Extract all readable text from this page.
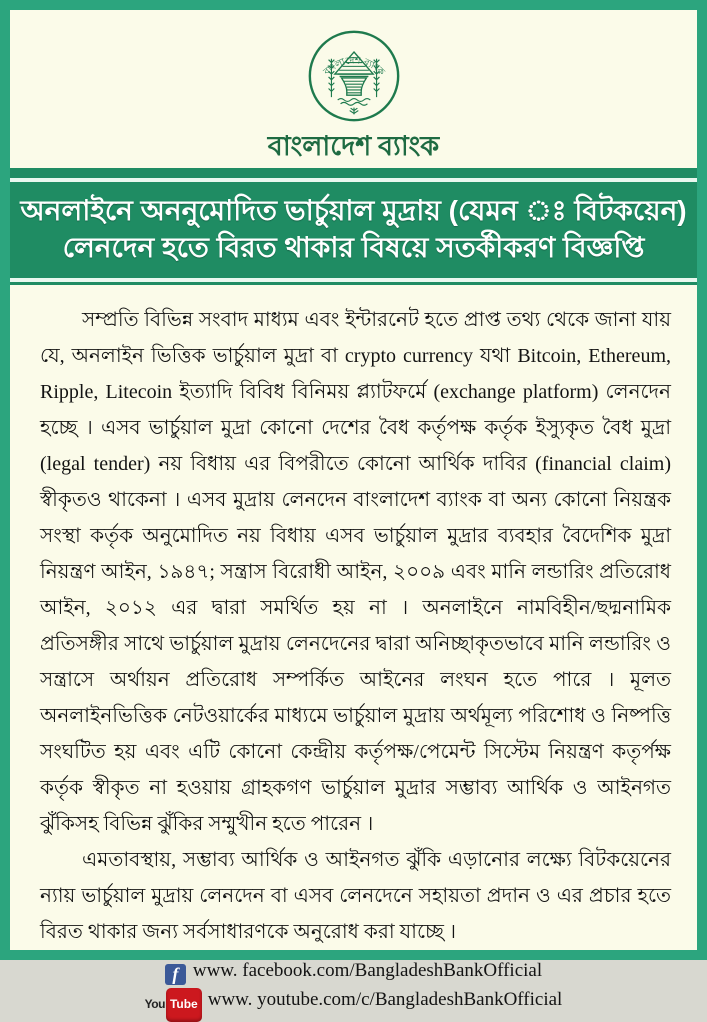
বাংলাদেশ ব্যাংক
বাংলাদেশ ব্যাংক
অনলাইনে অননুমোদিত ভার্চুয়াল মুদ্রায় (যেমন ঃ বিটকয়েন)
লেনদেন হতে বিরত থাকার বিষয়ে সতর্কীকরণ বিজ্ঞপ্তি

সম্প্রতি বিভিন্ন সংবাদ মাধ্যম এবং ইন্টারনেট হতে প্রাপ্ত তথ্য থেকে জানা যায় যে, অনলাইন ভিত্তিক ভার্চুয়াল মুদ্রা বা crypto currency যথা Bitcoin, Ethereum, Ripple, Litecoin ইত্যাদি বিবিধ বিনিময় প্ল্যাটফর্মে (exchange platform) লেনদেন হচ্ছে । এসব ভার্চুয়াল মুদ্রা কোনো দেশের বৈধ কর্তৃপক্ষ কর্তৃক ইস্যুকৃত বৈধ মুদ্রা (legal tender) নয় বিধায় এর বিপরীতে কোনো আর্থিক দাবির (financial claim) স্বীকৃতও থাকেনা । এসব মুদ্রায় লেনদেন বাংলাদেশ ব্যাংক বা অন্য কোনো নিয়ন্ত্রক সংস্থা কর্তৃক অনুমোদিত নয় বিধায় এসব ভার্চুয়াল মুদ্রার ব্যবহার বৈদেশিক মুদ্রা নিয়ন্ত্রণ আইন, ১৯৪৭; সন্ত্রাস বিরোধী আইন, ২০০৯ এবং মানি লন্ডারিং প্রতিরোধ আইন, ২০১২ এর দ্বারা সমর্থিত হয় না । অনলাইনে নামবিহীন/ছদ্মনামিক প্রতিসঙ্গীর সাথে ভার্চুয়াল মুদ্রায় লেনদেনের দ্বারা অনিচ্ছাকৃতভাবে মানি লন্ডারিং ও সন্ত্রাসে অর্থায়ন প্রতিরোধ সম্পর্কিত আইনের লংঘন হতে পারে । মূলত অনলাইনভিত্তিক নেটওয়ার্কের মাধ্যমে ভার্চুয়াল মুদ্রায় অর্থমূল্য পরিশোধ ও নিষ্পত্তি সংঘটিত হয় এবং এটি কোনো কেন্দ্রীয় কর্তৃপক্ষ/পেমেন্ট সিস্টেম নিয়ন্ত্রণ কতৃর্পক্ষ কর্তৃক স্বীকৃত না হওয়ায় গ্রাহকগণ ভার্চুয়াল মুদ্রার সম্ভাব্য আর্থিক ও আইনগত ঝুঁকিসহ বিভিন্ন ঝুঁকির সম্মুখীন হতে পারেন ।

এমতাবস্থায়, সম্ভাব্য আর্থিক ও আইনগত ঝুঁকি এড়ানোর লক্ষ্যে বিটকয়েনের ন্যায় ভার্চুয়াল মুদ্রায় লেনদেন বা এসব লেনদেনে সহায়তা প্রদান ও এর প্রচার হতে বিরত থাকার জন্য সর্বসাধারণকে অনুরোধ করা যাচ্ছে ।

f www. facebook.com/BangladeshBankOfficial
You Tube www. youtube.com/c/BangladeshBankOfficial
